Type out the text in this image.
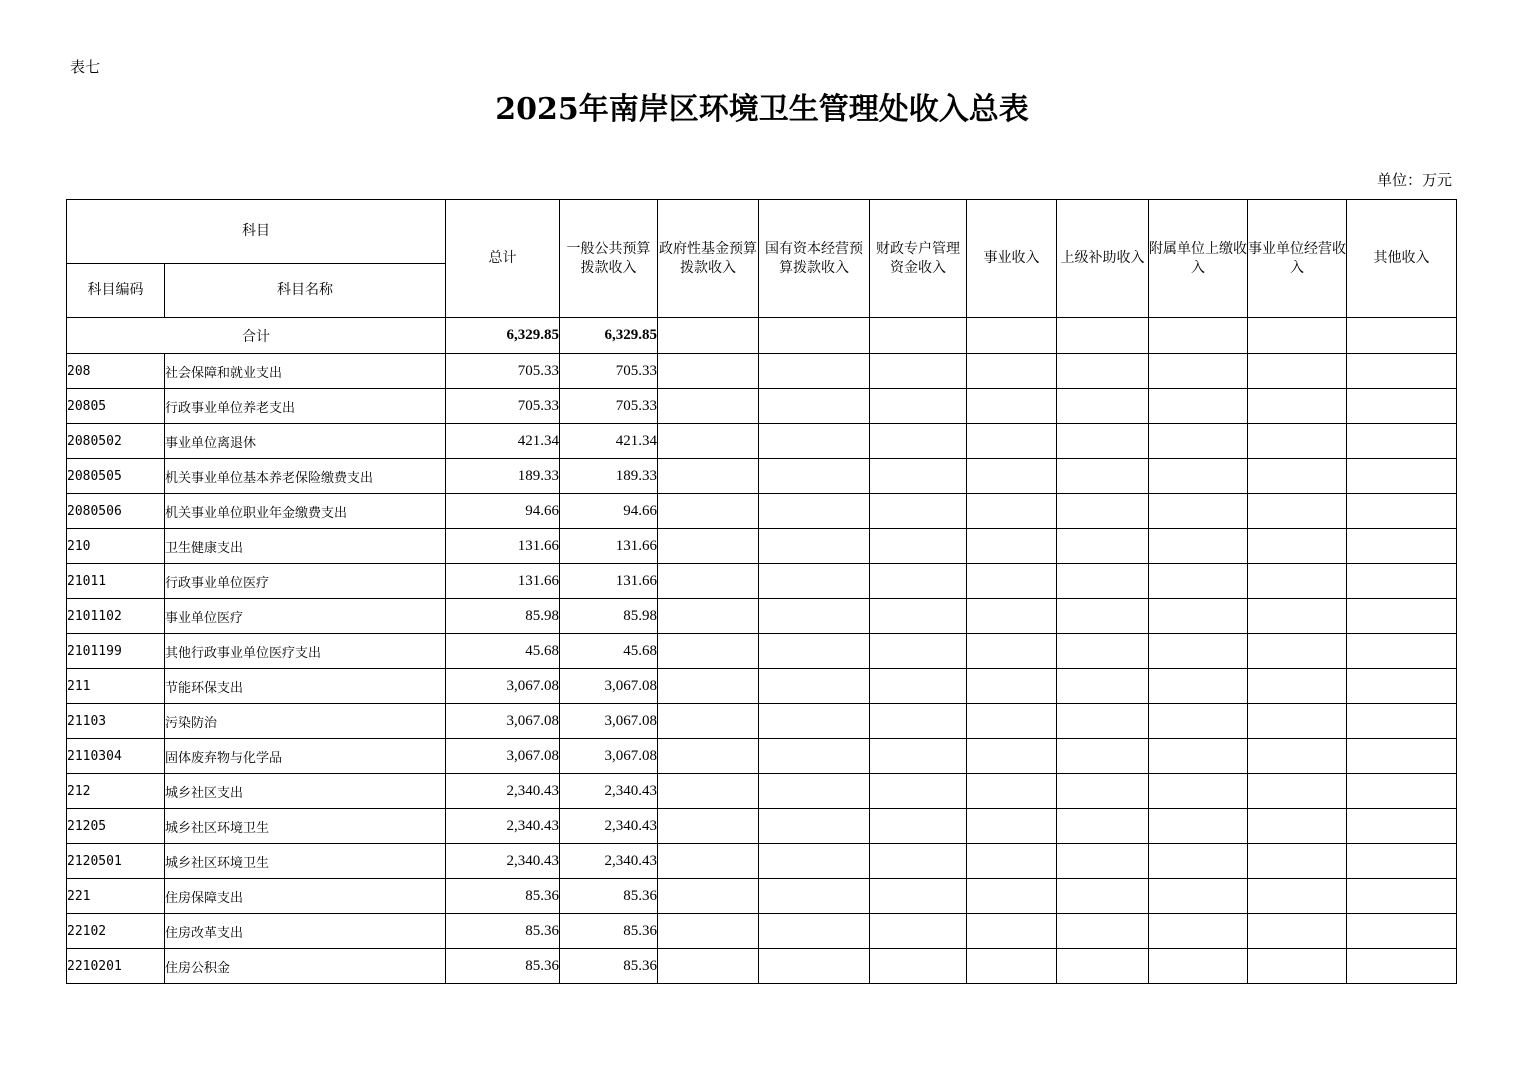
表七
2025年南岸区环境卫生管理处收入总表
单位：万元
科目		总计	一般公共预算拨款收入	政府性基金预算拨款收入	国有资本经营预算拨款收入	财政专户管理资金收入	事业收入	上级补助收入	附属单位上缴收入	事业单位经营收入	其他收入
科目编码	科目名称										
合计		6,329.85	6,329.85								
208	社会保障和就业支出	705.33	705.33								
20805	行政事业单位养老支出	705.33	705.33								
2080502	事业单位离退休	421.34	421.34								
2080505	机关事业单位基本养老保险缴费支出	189.33	189.33								
2080506	机关事业单位职业年金缴费支出	94.66	94.66								
210	卫生健康支出	131.66	131.66								
21011	行政事业单位医疗	131.66	131.66								
2101102	事业单位医疗	85.98	85.98								
2101199	其他行政事业单位医疗支出	45.68	45.68								
211	节能环保支出	3,067.08	3,067.08								
21103	污染防治	3,067.08	3,067.08								
2110304	固体废弃物与化学品	3,067.08	3,067.08								
212	城乡社区支出	2,340.43	2,340.43								
21205	城乡社区环境卫生	2,340.43	2,340.43								
2120501	城乡社区环境卫生	2,340.43	2,340.43								
221	住房保障支出	85.36	85.36								
22102	住房改革支出	85.36	85.36								
2210201	住房公积金	85.36	85.36								
